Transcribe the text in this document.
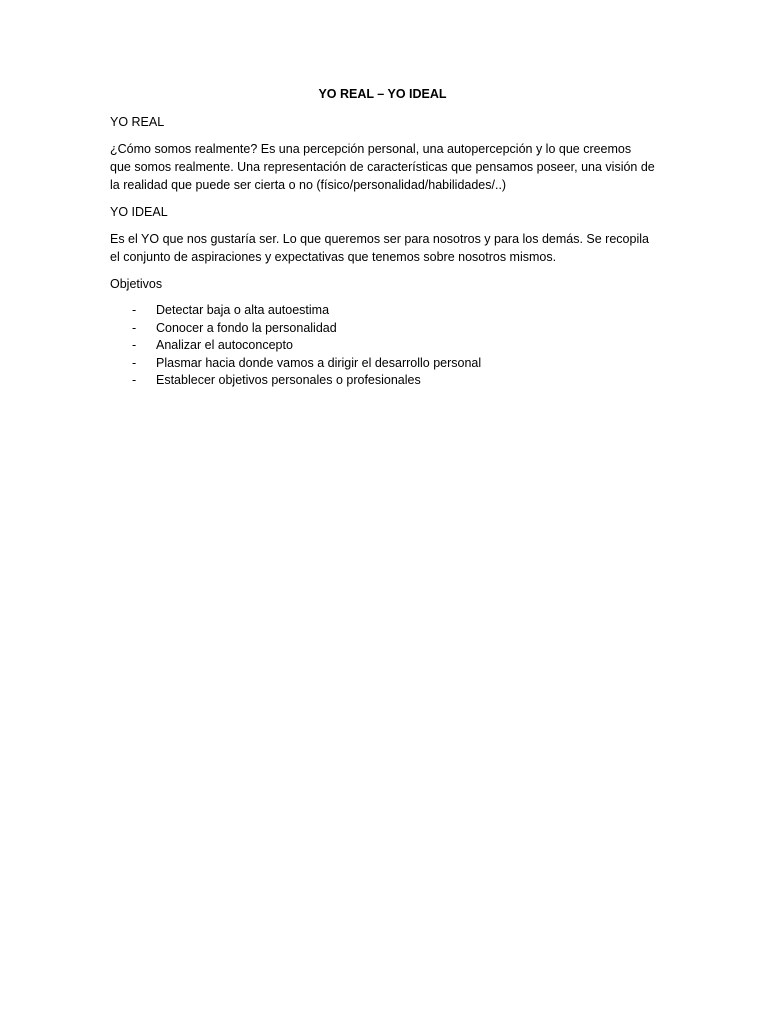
YO REAL – YO IDEAL
YO REAL

¿Cómo somos realmente? Es una percepción personal, una autopercepción y lo que creemos que somos realmente. Una representación de características que pensamos poseer, una visión de la realidad que puede ser cierta o no (físico/personalidad/habilidades/..)

YO IDEAL

Es el YO que nos gustaría ser. Lo que queremos ser para nosotros y para los demás. Se recopila el conjunto de aspiraciones y expectativas que tenemos sobre nosotros mismos.

Objetivos
-	Detectar baja o alta autoestima
-	Conocer a fondo la personalidad
-	Analizar el autoconcepto
-	Plasmar hacia donde vamos a dirigir el desarrollo personal
-	Establecer objetivos personales o profesionales
